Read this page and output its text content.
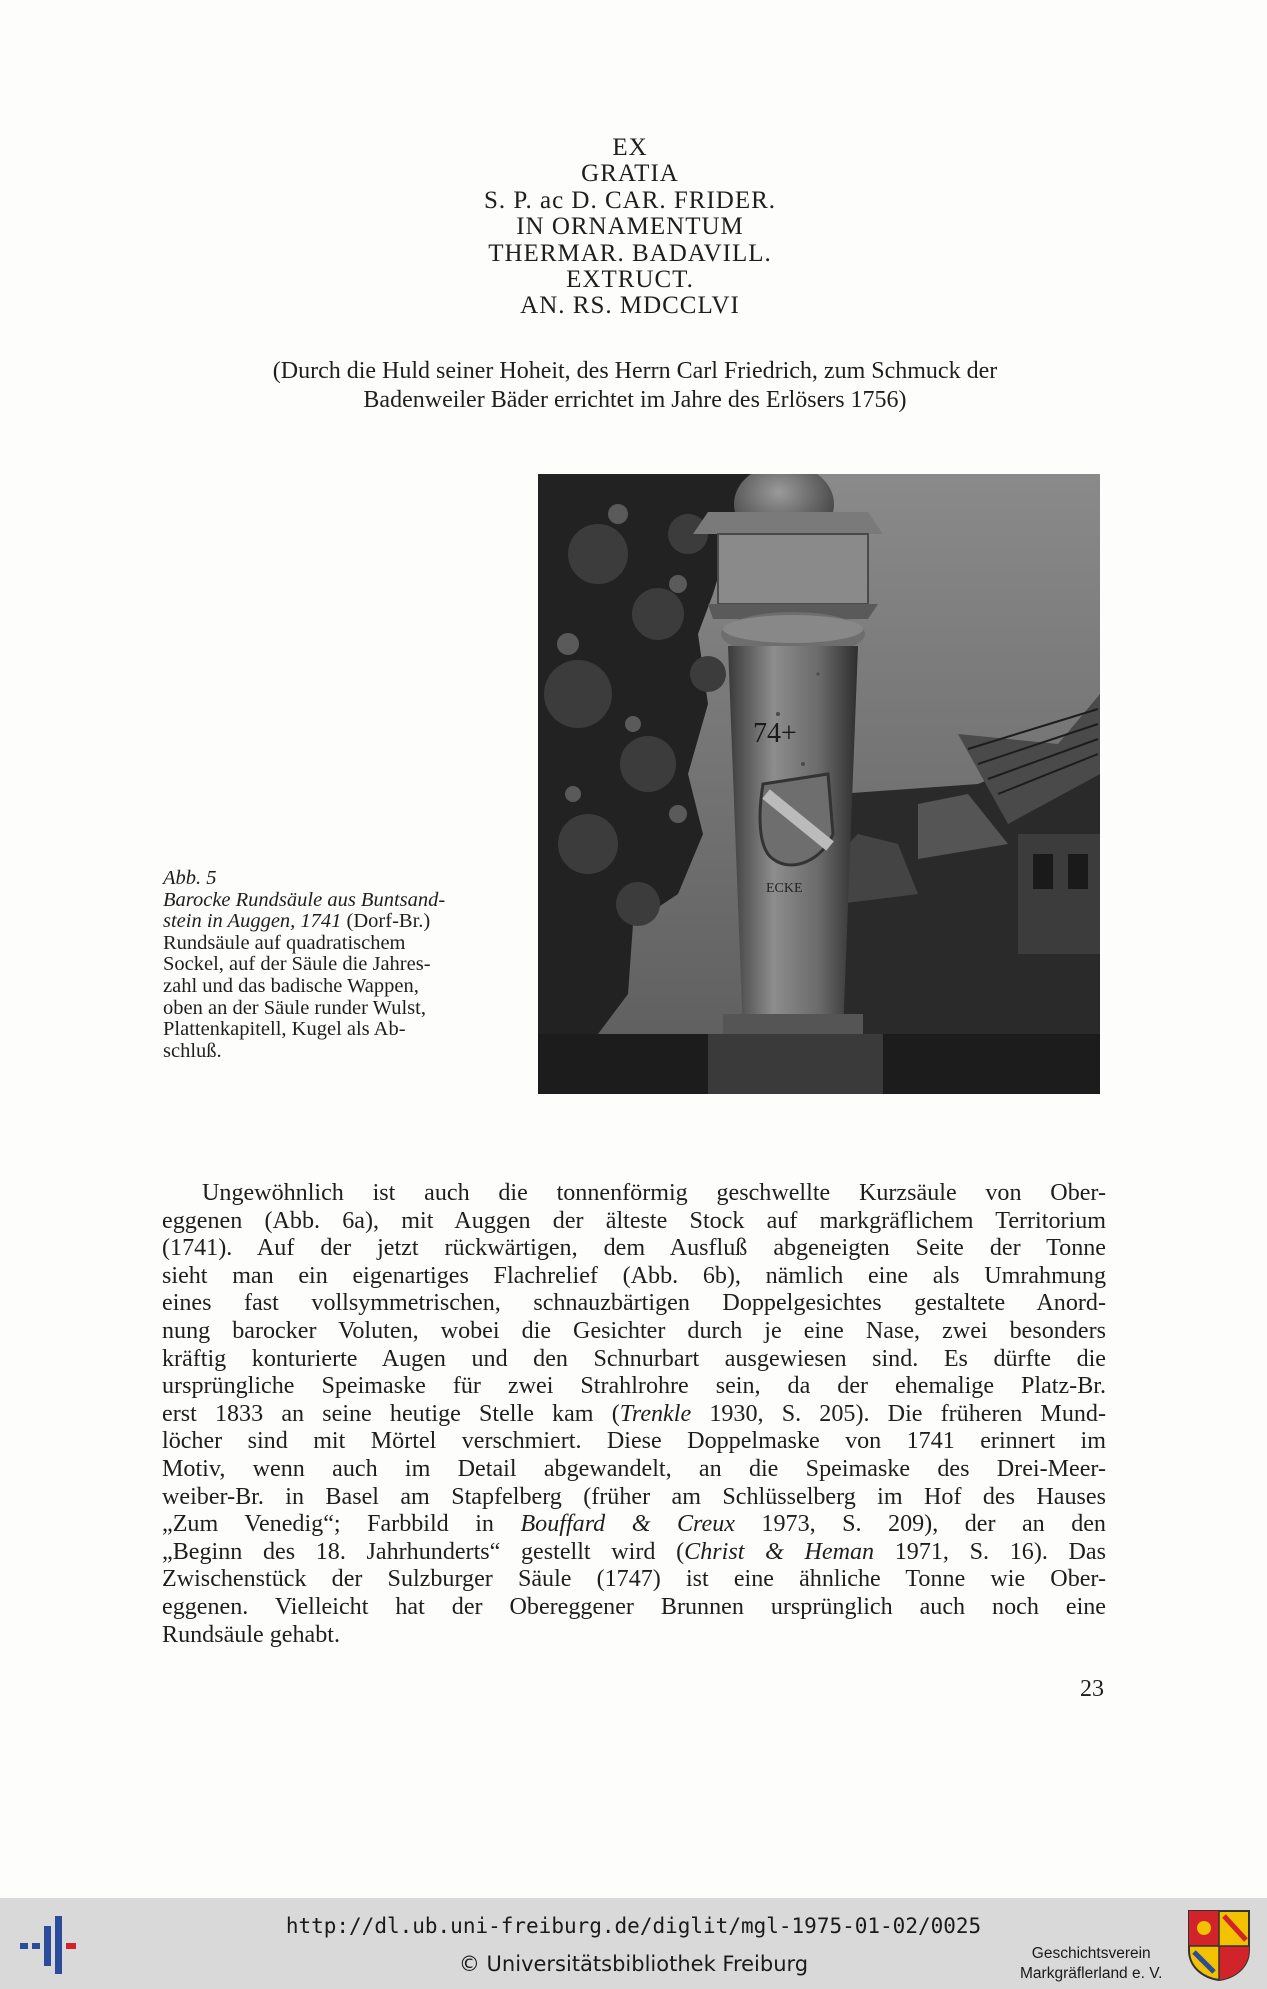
EX
GRATIA
S. P. ac D. CAR. FRIDER.
IN ORNAMENTUM
THERMAR. BADAVILL.
EXTRUCT.
AN. RS. MDCCLVI
(Durch die Huld seiner Hoheit, des Herrn Carl Friedrich, zum Schmuck der
Badenweiler Bäder errichtet im Jahre des Erlösers 1756)
74+
ECKE
Abb. 5
Barocke Rundsäule aus Buntsand-
stein in Auggen, 1741 (Dorf-Br.)
Rundsäule auf quadratischem
Sockel, auf der Säule die Jahres-
zahl und das badische Wappen,
oben an der Säule runder Wulst,
Plattenkapitell, Kugel als Ab-
schluß.
Ungewöhnlich ist auch die tonnenförmig geschwellte Kurzsäule von Ober-
eggenen (Abb. 6a), mit Auggen der älteste Stock auf markgräflichem Territorium
(1741). Auf der jetzt rückwärtigen, dem Ausfluß abgeneigten Seite der Tonne
sieht man ein eigenartiges Flachrelief (Abb. 6b), nämlich eine als Umrahmung
eines fast vollsymmetrischen, schnauzbärtigen Doppelgesichtes gestaltete Anord-
nung barocker Voluten, wobei die Gesichter durch je eine Nase, zwei besonders
kräftig konturierte Augen und den Schnurbart ausgewiesen sind. Es dürfte die
ursprüngliche Speimaske für zwei Strahlrohre sein, da der ehemalige Platz-Br.
erst 1833 an seine heutige Stelle kam (Trenkle 1930, S. 205). Die früheren Mund-
löcher sind mit Mörtel verschmiert. Diese Doppelmaske von 1741 erinnert im
Motiv, wenn auch im Detail abgewandelt, an die Speimaske des Drei-Meer-
weiber-Br. in Basel am Stapfelberg (früher am Schlüsselberg im Hof des Hauses
„Zum Venedig“; Farbbild in Bouffard & Creux 1973, S. 209), der an den
„Beginn des 18. Jahrhunderts“ gestellt wird (Christ & Heman 1971, S. 16). Das
Zwischenstück der Sulzburger Säule (1747) ist eine ähnliche Tonne wie Ober-
eggenen. Vielleicht hat der Obereggener Brunnen ursprünglich auch noch eine
Rundsäule gehabt.
23
http://dl.ub.uni-freiburg.de/diglit/mgl-1975-01-02/0025
© Universitätsbibliothek Freiburg	Geschichtsverein
Markgräflerland e. V.
